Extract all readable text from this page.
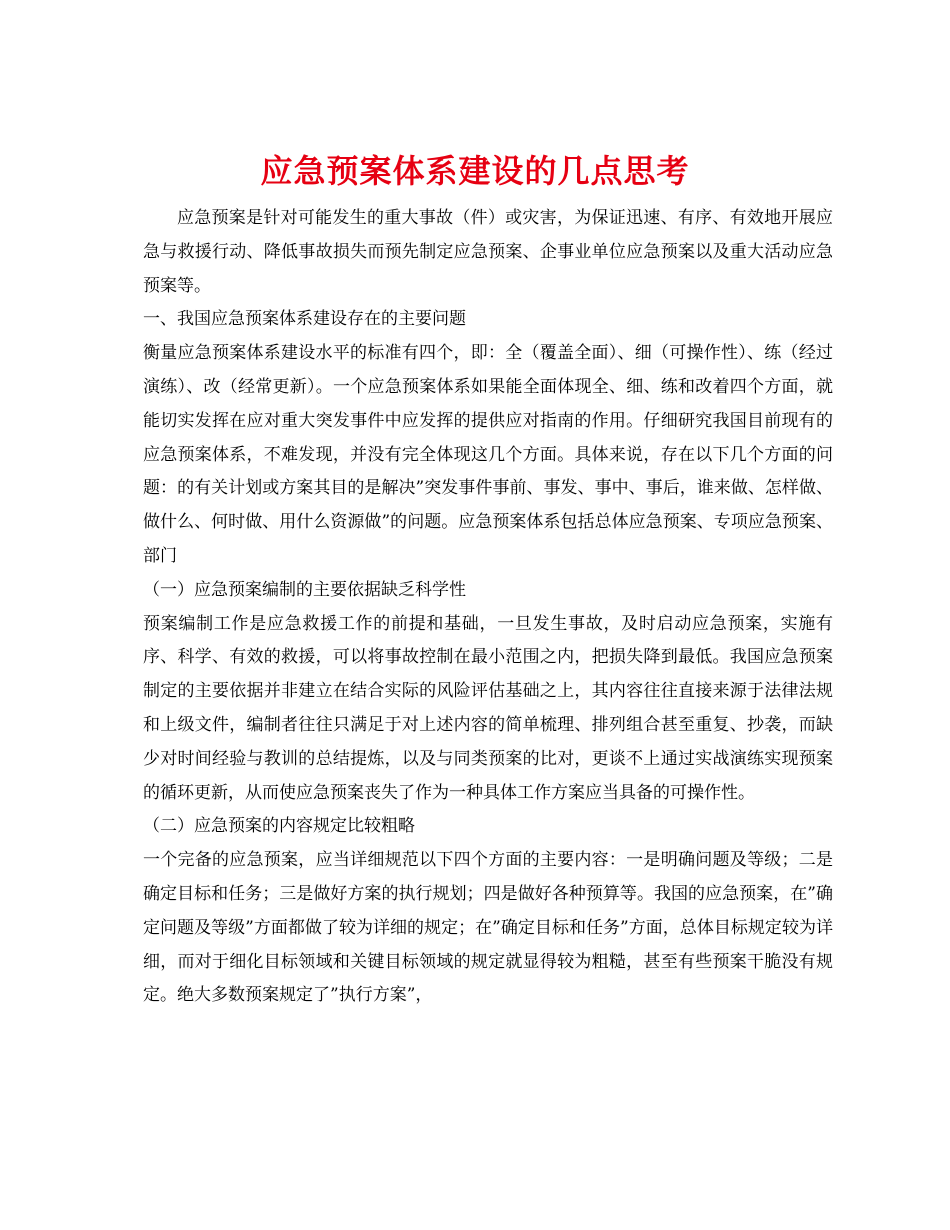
应急预案体系建设的几点思考

应急预案是针对可能发生的重大事故（件）或灾害，为保证迅速、有序、有效地开展应急与救援行动、降低事故损失而预先制定应急预案、企事业单位应急预案以及重大活动应急预案等。

一、我国应急预案体系建设存在的主要问题

衡量应急预案体系建设水平的标准有四个，即：全（覆盖全面）、细（可操作性）、练（经过演练）、改（经常更新）。一个应急预案体系如果能全面体现全、细、练和改着四个方面，就能切实发挥在应对重大突发事件中应发挥的提供应对指南的作用。仔细研究我国目前现有的应急预案体系，不难发现，并没有完全体现这几个方面。具体来说，存在以下几个方面的问题：的有关计划或方案其目的是解决”突发事件事前、事发、事中、事后，谁来做、怎样做、做什么、何时做、用什么资源做”的问题。应急预案体系包括总体应急预案、专项应急预案、部门

（一）应急预案编制的主要依据缺乏科学性

预案编制工作是应急救援工作的前提和基础，一旦发生事故，及时启动应急预案，实施有序、科学、有效的救援，可以将事故控制在最小范围之内，把损失降到最低。我国应急预案制定的主要依据并非建立在结合实际的风险评估基础之上，其内容往往直接来源于法律法规和上级文件，编制者往往只满足于对上述内容的简单梳理、排列组合甚至重复、抄袭，而缺少对时间经验与教训的总结提炼，以及与同类预案的比对，更谈不上通过实战演练实现预案的循环更新，从而使应急预案丧失了作为一种具体工作方案应当具备的可操作性。

（二）应急预案的内容规定比较粗略

一个完备的应急预案，应当详细规范以下四个方面的主要内容：一是明确问题及等级；二是确定目标和任务；三是做好方案的执行规划；四是做好各种预算等。我国的应急预案，在”确定问题及等级”方面都做了较为详细的规定；在”确定目标和任务”方面，总体目标规定较为详细，而对于细化目标领域和关键目标领域的规定就显得较为粗糙，甚至有些预案干脆没有规定。绝大多数预案规定了”执行方案”，
